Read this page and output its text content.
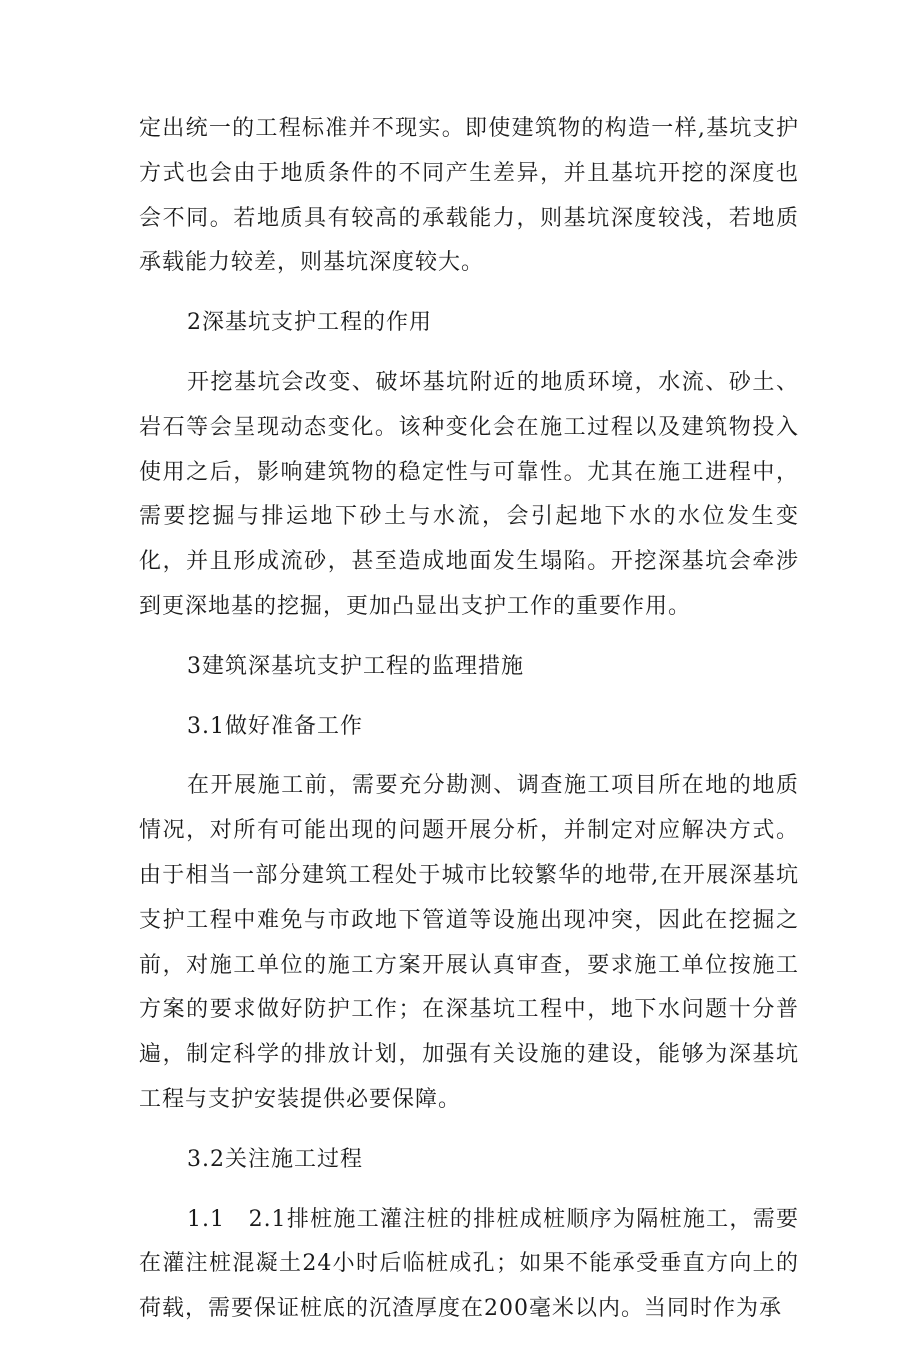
定出统一的工程标准并不现实。即使建筑物的构造一样,基坑支护方式也会由于地质条件的不同产生差异，并且基坑开挖的深度也会不同。若地质具有较高的承载能力，则基坑深度较浅，若地质承载能力较差，则基坑深度较大。

2深基坑支护工程的作用

开挖基坑会改变、破坏基坑附近的地质环境，水流、砂土、岩石等会呈现动态变化。该种变化会在施工过程以及建筑物投入使用之后，影响建筑物的稳定性与可靠性。尤其在施工进程中，需要挖掘与排运地下砂土与水流，会引起地下水的水位发生变化，并且形成流砂，甚至造成地面发生塌陷。开挖深基坑会牵涉到更深地基的挖掘，更加凸显出支护工作的重要作用。

3建筑深基坑支护工程的监理措施

3.1做好准备工作

在开展施工前，需要充分勘测、调查施工项目所在地的地质情况，对所有可能出现的问题开展分析，并制定对应解决方式。由于相当一部分建筑工程处于城市比较繁华的地带,在开展深基坑支护工程中难免与市政地下管道等设施出现冲突，因此在挖掘之前，对施工单位的施工方案开展认真审查，要求施工单位按施工方案的要求做好防护工作；在深基坑工程中，地下水问题十分普遍，制定科学的排放计划，加强有关设施的建设，能够为深基坑工程与支护安装提供必要保障。

3.2关注施工过程

1.1　2.1排桩施工灌注桩的排桩成桩顺序为隔桩施工，需要在灌注桩混凝土24小时后临桩成孔；如果不能承受垂直方向上的荷载，需要保证桩底的沉渣厚度在200毫米以内。当同时作为承
